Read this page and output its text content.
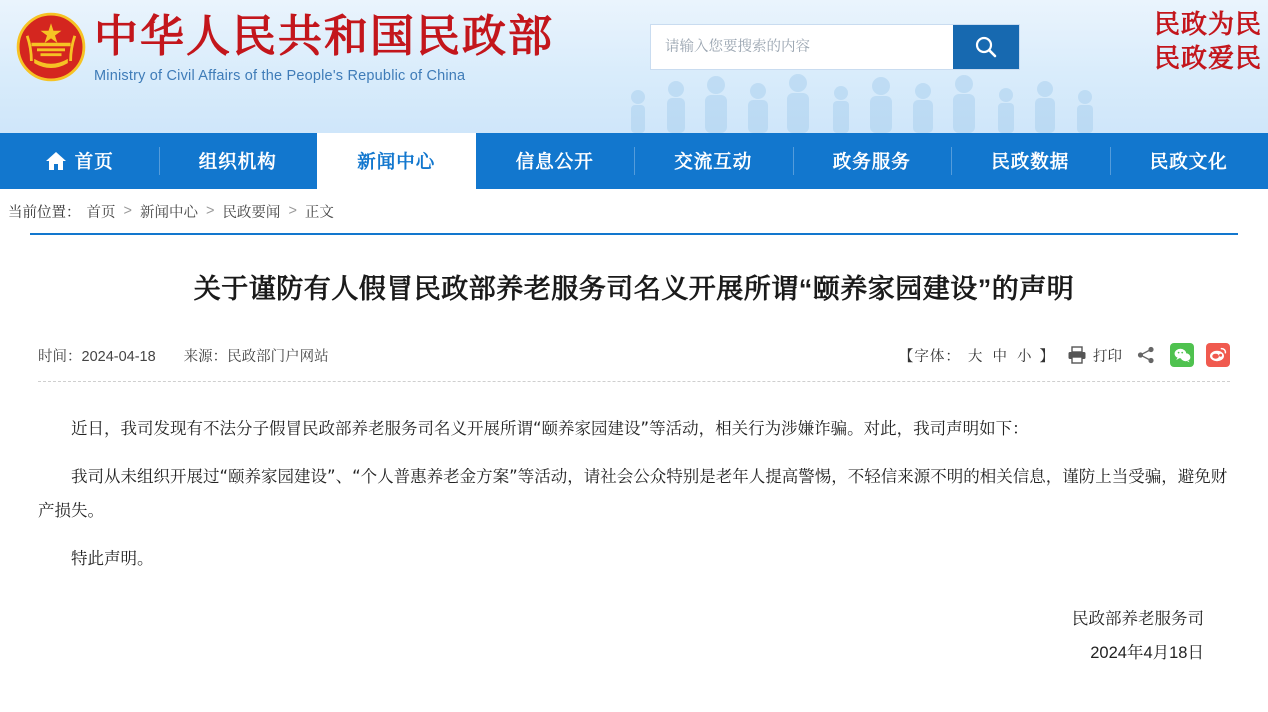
中华人民共和国民政部
Ministry of Civil Affairs of the People's Republic of China
请输入您要搜索的内容
民政为民
民政爱民
首页	组织机构	新闻中心	信息公开	交流互动	政务服务	民政数据	民政文化
当前位置： 首页 > 新闻中心 > 民政要闻 > 正文
关于谨防有人假冒民政部养老服务司名义开展所谓“颐养家园建设”的声明
时间：2024-04-18 来源：民政部门户网站	【字体： 大 中 小 】	打印

近日，我司发现有不法分子假冒民政部养老服务司名义开展所谓“颐养家园建设”等活动，相关行为涉嫌诈骗。对此，我司声明如下：

我司从未组织开展过“颐养家园建设”、“个人普惠养老金方案”等活动，请社会公众特别是老年人提高警惕，不轻信来源不明的相关信息，谨防上当受骗，避免财产损失。

特此声明。

民政部养老服务司
2024年4月18日
